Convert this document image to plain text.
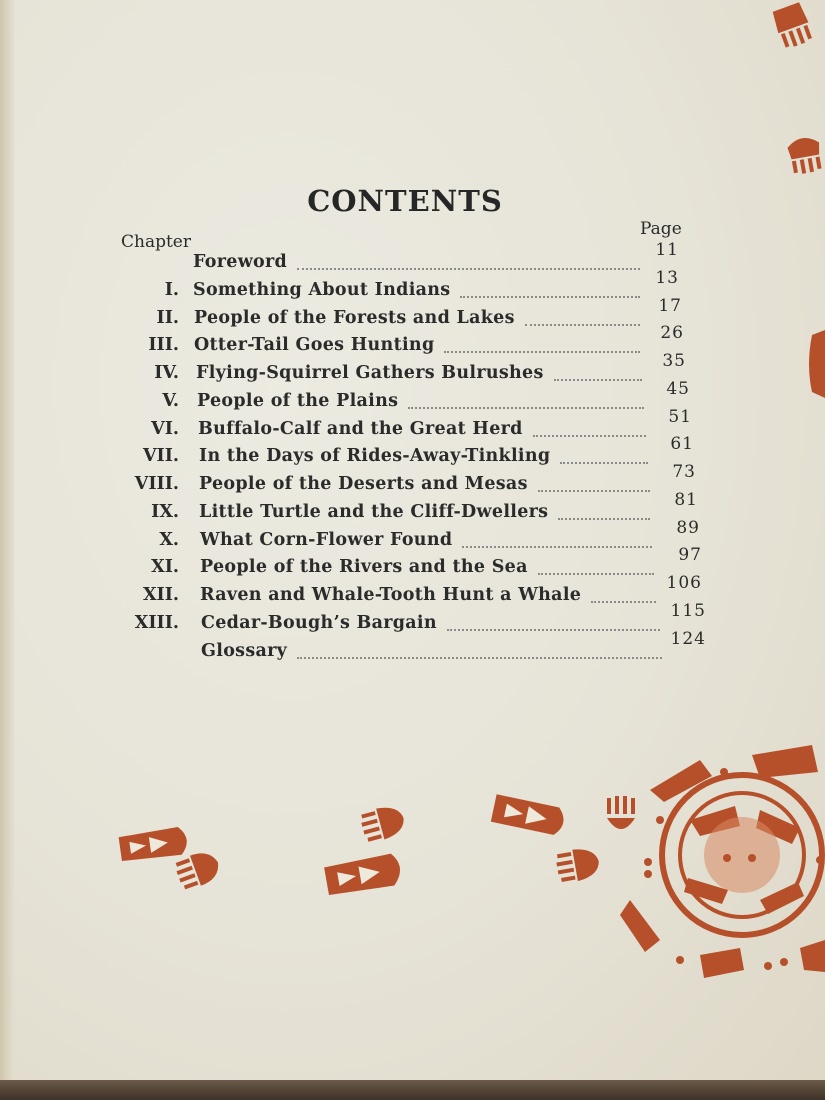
CONTENTS
Chapter
Page
Foreword
11
I. Something About Indians
13
II. People of the Forests and Lakes
17
III. Otter-Tail Goes Hunting
26
IV. Flying-Squirrel Gathers Bulrushes
35
V. People of the Plains
45
VI. Buffalo-Calf and the Great Herd
51
VII. In the Days of Rides-Away-Tinkling
61
VIII. People of the Deserts and Mesas
73
IX. Little Turtle and the Cliff-Dwellers
81
X. What Corn-Flower Found
89
XI. People of the Rivers and the Sea
97
XII. Raven and Whale-Tooth Hunt a Whale
106
XIII. Cedar-Bough’s Bargain
115
Glossary
124
